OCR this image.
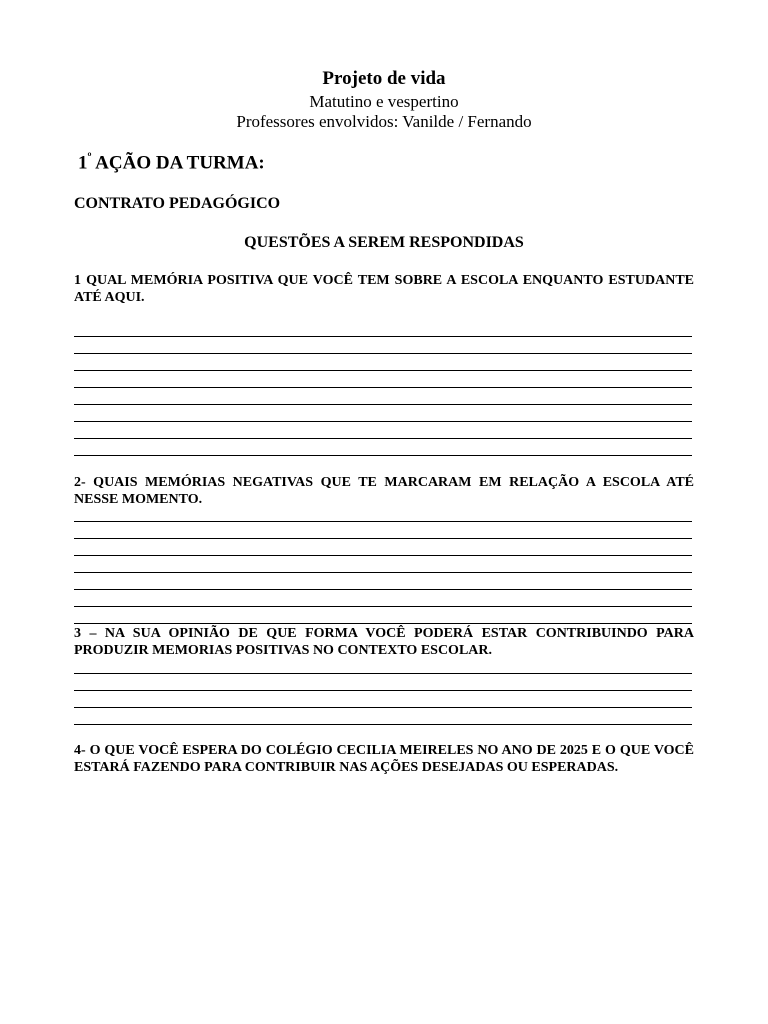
Projeto de vida
Matutino e vespertino
Professores envolvidos: Vanilde / Fernando
$1^º$ AÇÃO DA TURMA:
CONTRATO PEDAGÓGICO
QUESTÕES A SEREM RESPONDIDAS
1 QUAL MEMÓRIA POSITIVA QUE VOCÊ TEM SOBRE A ESCOLA ENQUANTO ESTUDANTE ATÉ AQUI.
2- QUAIS MEMÓRIAS NEGATIVAS QUE TE MARCARAM EM RELAÇÃO A ESCOLA ATÉ NESSE MOMENTO.
3 – NA SUA OPINIÃO DE QUE FORMA VOCÊ PODERÁ ESTAR CONTRIBUINDO PARA PRODUZIR MEMORIAS POSITIVAS NO CONTEXTO ESCOLAR.
4- O QUE VOCÊ ESPERA DO COLÉGIO CECILIA MEIRELES NO ANO DE 2025 E O QUE VOCÊ ESTARÁ FAZENDO PARA CONTRIBUIR NAS AÇÕES DESEJADAS OU ESPERADAS.
